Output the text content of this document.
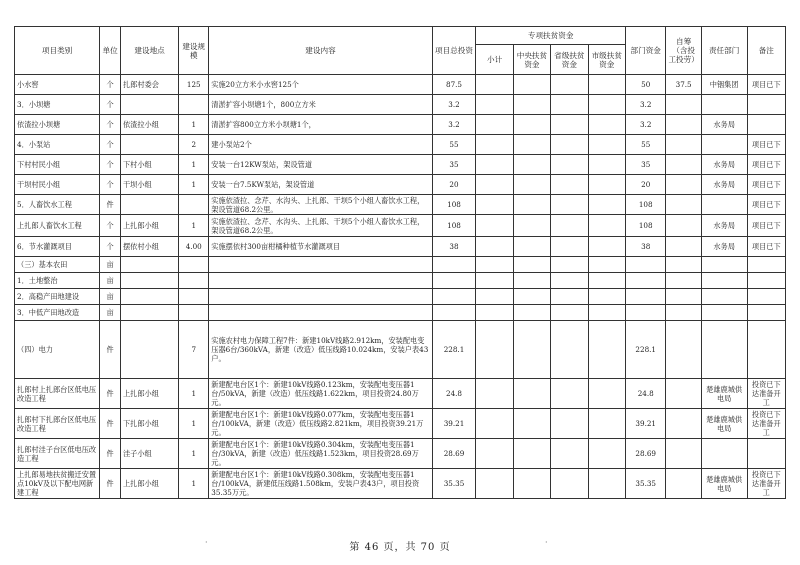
项目类别	单位	建设地点	建设规模	建设内容	项目总投资	专项扶贫资金				部门资金	自筹（含投工投劳）	责任部门	备注
						小计	中央扶贫资金	省级扶贫资金	市级扶贫资金				
小水窖	个	扎郎村委会	125	实施20立方米小水窖125个	87.5					50	37.5	中铟集团	项目已下
3．小坝塘	个			清淤扩容小坝塘1个，800立方米	3.2					3.2			
依渣拉小坝塘	个	依渣拉小组	1	清淤扩容800立方米小坝塘1个，	3.2					3.2		水务局	
4．小泵站	个		2	建小泵站2个	55					55			项目已下
下村村民小组	个	下村小组	1	安装一台12KW泵站，架设管道	35					35		水务局	项目已下
干坝村民小组	个	干坝小组	1	安装一台7.5KW泵站，架设管道	20					20		水务局	项目已下
5．人畜饮水工程	件			实施依渣拉、念芹、水沟头、上扎郎、干坝5个小组人畜饮水工程，架设管道68.2公里。	108					108			项目已下
上扎郎人畜饮水工程	个	上扎郎小组	1	实施依渣拉、念芹、水沟头、上扎郎、干坝5个小组人畜饮水工程，架设管道68.2公里。	108					108		水务局	项目已下
6．节水灌溉项目	个	摆依村小组	4.00	实施摆依村300亩柑橘种植节水灌溉项目	38					38		水务局	项目已下
（三）基本农田	亩												
1．土地整治	亩												
2．高稳产田地建设	亩												
3．中低产田地改造	亩												
（四）电力	件		7	实施农村电力保障工程7件：新建10kV线路2.912km，安装配电变压器6台/360kVA，新建（改造）低压线路10.024km，安装户表43户。	228.1					228.1			
扎郎村上扎郎台区低电压改造工程	件	上扎郎小组	1	新建配电台区1个：新建10kV线路0.123km，安装配电变压器1台/50kVA，新建（改造）低压线路1.622km，项目投资24.80万元。	24.8					24.8		楚雄鹿城供电局	投资已下达准备开工
扎郎村下扎郎台区低电压改造工程	件	下扎郎小组	1	新建配电台区1个：新建10kV线路0.077km，安装配电变压器1台/100kVA，新建（改造）低压线路2.821km，项目投资39.21万元。	39.21					39.21		楚雄鹿城供电局	投资已下达准备开工
扎郎村洼子台区低电压改造工程	件	洼子小组	1	新建配电台区1个：新建10kV线路0.304km，安装配电变压器1台/30kVA，新建（改造）低压线路1.523km，项目投资28.69万元。	28.69					28.69			
上扎郎易地扶贫搬迁安置点10kV及以下配电网新建工程	件	上扎郎小组	1	新建配电台区1个：新建10kV线路0.308km，安装配电变压器1台/100kVA，新建低压线路1.508km，安装户表43户，项目投资35.35万元。	35.35					35.35		楚雄鹿城供电局	投资已下达准备开工
·	·
第 46 页，共 70 页
